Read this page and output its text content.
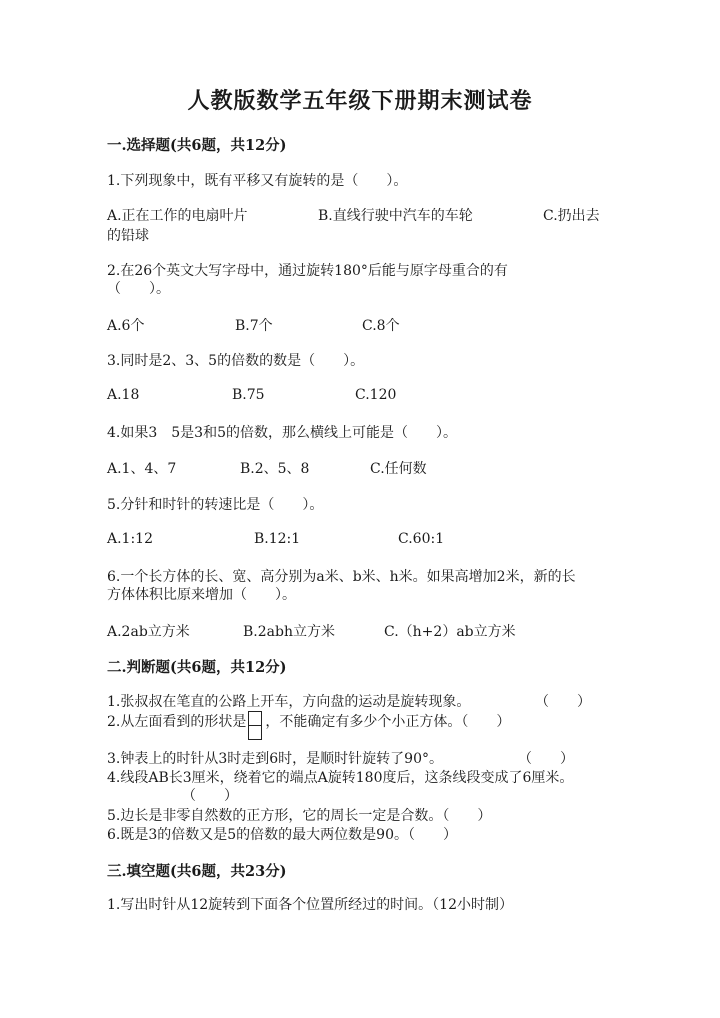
人教版数学五年级下册期末测试卷
一.选择题(共6题，共12分)
1.下列现象中，既有平移又有旋转的是（　　）。
A.正在工作的电扇叶片	B.直线行驶中汽车的车轮	C.扔出去
的铅球
2.在26个英文大写字母中，通过旋转180°后能与原字母重合的有
（　　）。
A.6个	B.7个	C.8个
3.同时是2、3、5的倍数的数是（　　）。
A.18	B.75	C.120
4.如果3　5是3和5的倍数，那么横线上可能是（　　）。
A.1、4、7	B.2、5、8	C.任何数
5.分针和时针的转速比是（　　）。
A.1:12	B.12:1	C.60:1
6.一个长方体的长、宽、高分别为a米、b米、h米。如果高增加2米，新的长
方体体积比原来增加（　　）。
A.2ab立方米	B.2abh立方米	C.（h+2）ab立方米
二.判断题(共6题，共12分)
1.张叔叔在笔直的公路上开车，方向盘的运动是旋转现象。	（　　）
2.从左面看到的形状是 ，不能确定有多少个小正方体。（　　）
3.钟表上的时针从3时走到6时，是顺时针旋转了90°。	（　　）
4.线段AB长3厘米，绕着它的端点A旋转180度后，这条线段变成了6厘米。
（　　）
5.边长是非零自然数的正方形，它的周长一定是合数。（　　）
6.既是3的倍数又是5的倍数的最大两位数是90。（　　）
三.填空题(共6题，共23分)
1.写出时针从12旋转到下面各个位置所经过的时间。（12小时制）
